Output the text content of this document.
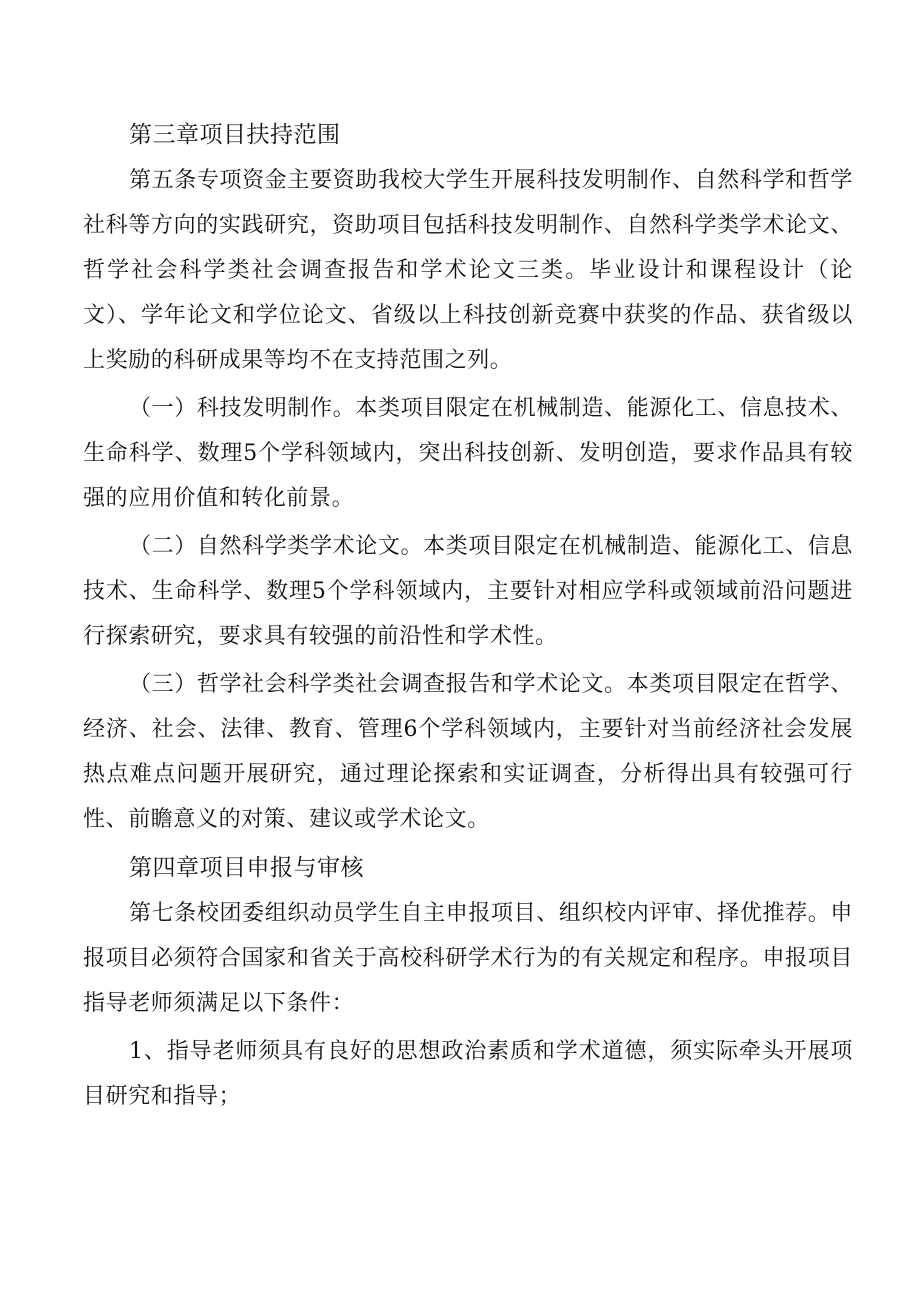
第三章项目扶持范围

第五条专项资金主要资助我校大学生开展科技发明制作、自然科学和哲学社科等方向的实践研究，资助项目包括科技发明制作、自然科学类学术论文、哲学社会科学类社会调查报告和学术论文三类。毕业设计和课程设计（论文）、学年论文和学位论文、省级以上科技创新竞赛中获奖的作品、获省级以上奖励的科研成果等均不在支持范围之列。

（一）科技发明制作。本类项目限定在机械制造、能源化工、信息技术、生命科学、数理5个学科领域内，突出科技创新、发明创造，要求作品具有较强的应用价值和转化前景。

（二）自然科学类学术论文。本类项目限定在机械制造、能源化工、信息技术、生命科学、数理5个学科领域内，主要针对相应学科或领域前沿问题进行探索研究，要求具有较强的前沿性和学术性。

（三）哲学社会科学类社会调查报告和学术论文。本类项目限定在哲学、经济、社会、法律、教育、管理6个学科领域内，主要针对当前经济社会发展热点难点问题开展研究，通过理论探索和实证调查，分析得出具有较强可行性、前瞻意义的对策、建议或学术论文。

第四章项目申报与审核

第七条校团委组织动员学生自主申报项目、组织校内评审、择优推荐。申报项目必须符合国家和省关于高校科研学术行为的有关规定和程序。申报项目指导老师须满足以下条件：

1、指导老师须具有良好的思想政治素质和学术道德，须实际牵头开展项目研究和指导；
